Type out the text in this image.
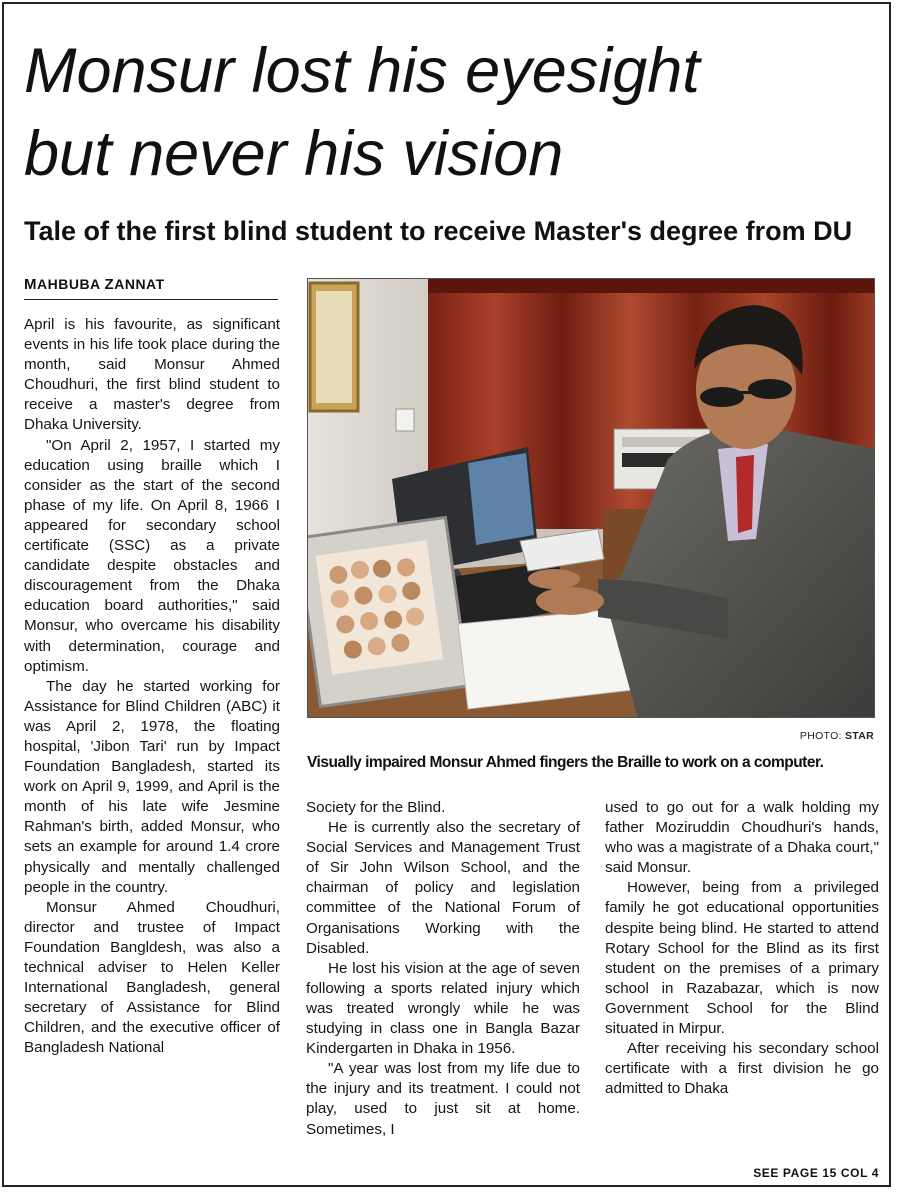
Monsur lost his eyesight
but never his vision
Tale of the first blind student to receive Master's degree from DU
MAHBUBA ZANNAT

April is his favourite, as significant events in his life took place during the month, said Monsur Ahmed Choudhuri, the first blind student to receive a master's degree from Dhaka University.

"On April 2, 1957, I started my education using braille which I consider as the start of the second phase of my life. On April 8, 1966 I appeared for secondary school certificate (SSC) as a private candidate despite obstacles and discouragement from the Dhaka education board authorities," said Monsur, who overcame his disability with determination, courage and optimism.

The day he started working for Assistance for Blind Children (ABC) it was April 2, 1978, the floating hospital, 'Jibon Tari' run by Impact Foundation Bangladesh, started its work on April 9, 1999, and April is the month of his late wife Jesmine Rahman's birth, added Monsur, who sets an example for around 1.4 crore physically and mentally challenged people in the country.

Monsur Ahmed Choudhuri, director and trustee of Impact Foundation Bangldesh, was also a technical adviser to Helen Keller International Bangladesh, general secretary of Assistance for Blind Children, and the executive officer of Bangladesh National

PHOTO: STAR
Visually impaired Monsur Ahmed fingers the Braille to work on a computer.

Society for the Blind.

He is currently also the secretary of Social Services and Management Trust of Sir John Wilson School, and the chairman of policy and legislation committee of the National Forum of Organisations Working with the Disabled.

He lost his vision at the age of seven following a sports related injury which was treated wrongly while he was studying in class one in Bangla Bazar Kindergarten in Dhaka in 1956.

"A year was lost from my life due to the injury and its treatment. I could not play, used to just sit at home. Sometimes, I

used to go out for a walk holding my father Moziruddin Choudhuri's hands, who was a magistrate of a Dhaka court," said Monsur.

However, being from a privileged family he got educational opportunities despite being blind. He started to attend Rotary School for the Blind as its first student on the premises of a primary school in Razabazar, which is now Government School for the Blind situated in Mirpur.

After receiving his secondary school certificate with a first division he go admitted to Dhaka

SEE PAGE 15 COL 4
